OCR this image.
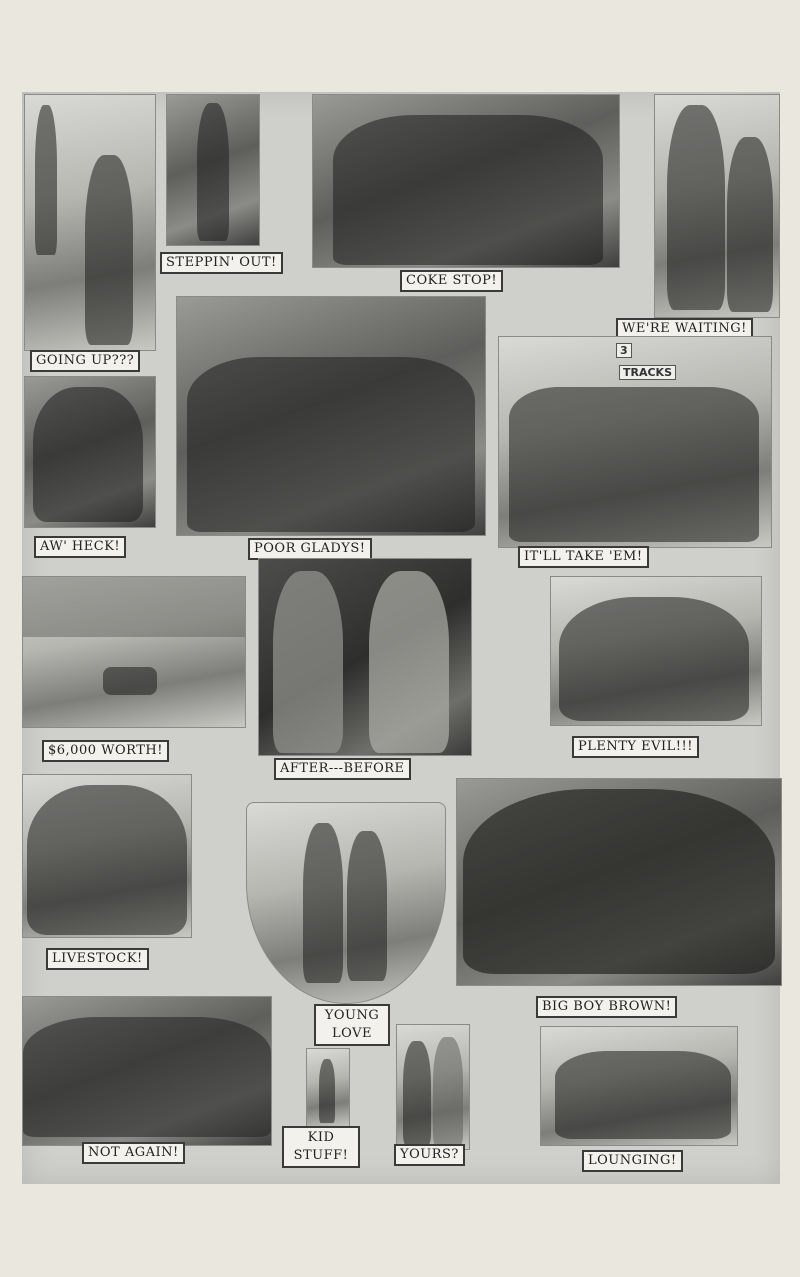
GOING UP???
STEPPIN' OUT!
COKE STOP!
WE'RE WAITING!
AW' HECK!	POOR GLADYS!
3
TRACKS
IT'LL TAKE 'EM!
$6,000 WORTH!
AFTER---BEFORE
PLENTY EVIL!!!
LIVESTOCK!
YOUNG LOVE
BIG BOY BROWN!
NOT AGAIN!
KID STUFF!	YOURS?	LOUNGING!
